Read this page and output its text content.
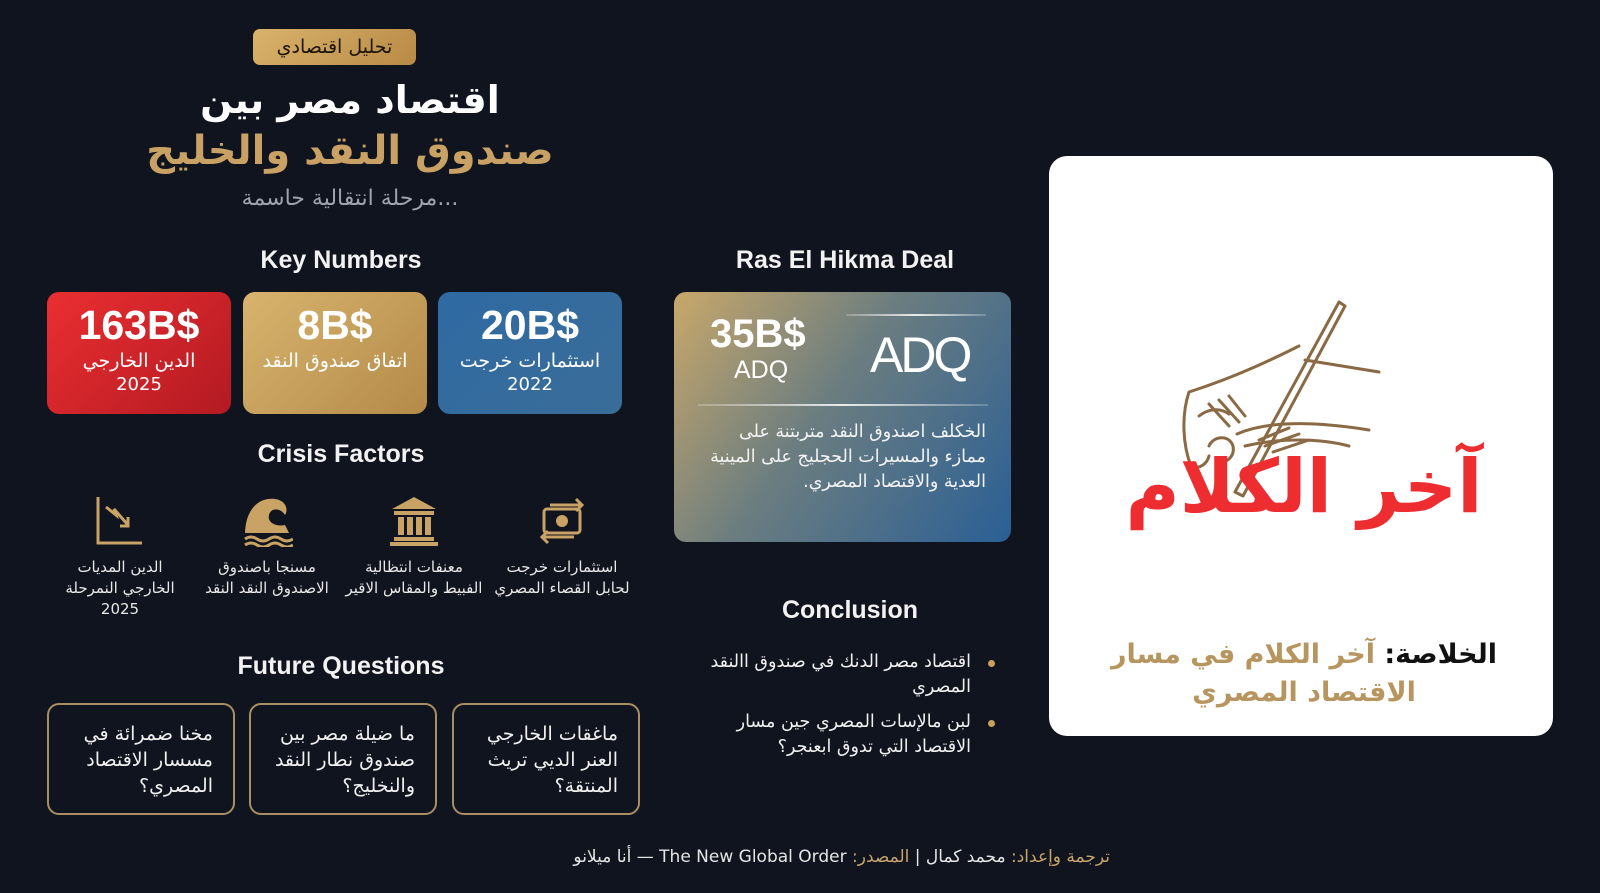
تحليل اقتصادي
اقتصاد مصر بين
صندوق النقد والخليج
مرحلة انتقالية حاسمة...
Key Numbers
163B$
الدين الخارجي
2025
8B$
اتفاق صندوق النقد
20B$
استثمارات خرجت
2022
Crisis Factors
الدين المديات الخارجي النمرحلة 2025
مسنجا باصندوق الاصندوق النقد النقد
معنفات انتظالية الفبيط والمقاس الاقير
استثمارات خرجت لحابل القصاء المصري
Future Questions
مخنا ضمرائة في مسسار الاقتصاد المصري؟
ما ضيلة مصر بين صندوق نطار النقد والنخليج؟
ماغقات الخارجي العنر الديي تريث المنتقة؟
Ras El Hikma Deal
35B$
ADQ ADQ
الخكلف اصندوق النقد متربتنة على ممازء والمسيرات الحجليج على المينية العدية والاقتصاد المصري.
Conclusion
اقتصاد مصر الدنك في صندوق االنقد المصري
لبن مالإسات المصري جين مسار الاقتصاد التي تدوق ابعنجر؟
آخر الكلام
الخلاصة: آخر الكلام في مسار الاقتصاد المصري
ترجمة وإعداد: محمد كمال | المصدر: The New Global Order — أنا ميلانو
